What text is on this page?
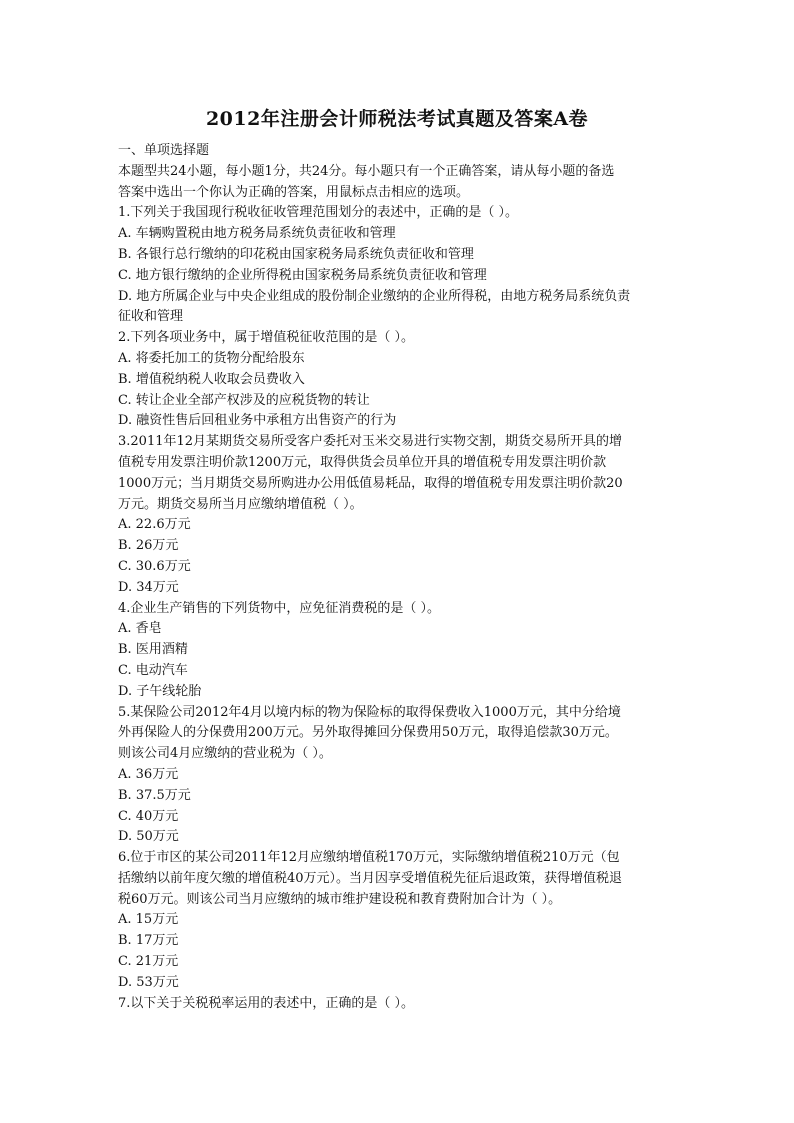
2012年注册会计师税法考试真题及答案A卷
一、单项选择题
本题型共24小题，每小题1分，共24分。每小题只有一个正确答案，请从每小题的备选
答案中选出一个你认为正确的答案，用鼠标点击相应的选项。
1.下列关于我国现行税收征收管理范围划分的表述中，正确的是（ ）。
A. 车辆购置税由地方税务局系统负责征收和管理
B. 各银行总行缴纳的印花税由国家税务局系统负责征收和管理
C. 地方银行缴纳的企业所得税由国家税务局系统负责征收和管理
D. 地方所属企业与中央企业组成的股份制企业缴纳的企业所得税，由地方税务局系统负责
征收和管理
2.下列各项业务中，属于增值税征收范围的是（ ）。
A. 将委托加工的货物分配给股东
B. 增值税纳税人收取会员费收入
C. 转让企业全部产权涉及的应税货物的转让
D. 融资性售后回租业务中承租方出售资产的行为
3.2011年12月某期货交易所受客户委托对玉米交易进行实物交割，期货交易所开具的增
值税专用发票注明价款1200万元，取得供货会员单位开具的增值税专用发票注明价款
1000万元；当月期货交易所购进办公用低值易耗品，取得的增值税专用发票注明价款20
万元。期货交易所当月应缴纳增值税（ ）。
A. 22.6万元
B. 26万元
C. 30.6万元
D. 34万元
4.企业生产销售的下列货物中，应免征消费税的是（ ）。
A. 香皂
B. 医用酒精
C. 电动汽车
D. 子午线轮胎
5.某保险公司2012年4月以境内标的物为保险标的取得保费收入1000万元，其中分给境
外再保险人的分保费用200万元。另外取得摊回分保费用50万元，取得追偿款30万元。
则该公司4月应缴纳的营业税为（ ）。
A. 36万元
B. 37.5万元
C. 40万元
D. 50万元
6.位于市区的某公司2011年12月应缴纳增值税170万元，实际缴纳增值税210万元（包
括缴纳以前年度欠缴的增值税40万元）。当月因享受增值税先征后退政策，获得增值税退
税60万元。则该公司当月应缴纳的城市维护建设税和教育费附加合计为（ ）。
A. 15万元
B. 17万元
C. 21万元
D. 53万元
7.以下关于关税税率运用的表述中，正确的是（ ）。
